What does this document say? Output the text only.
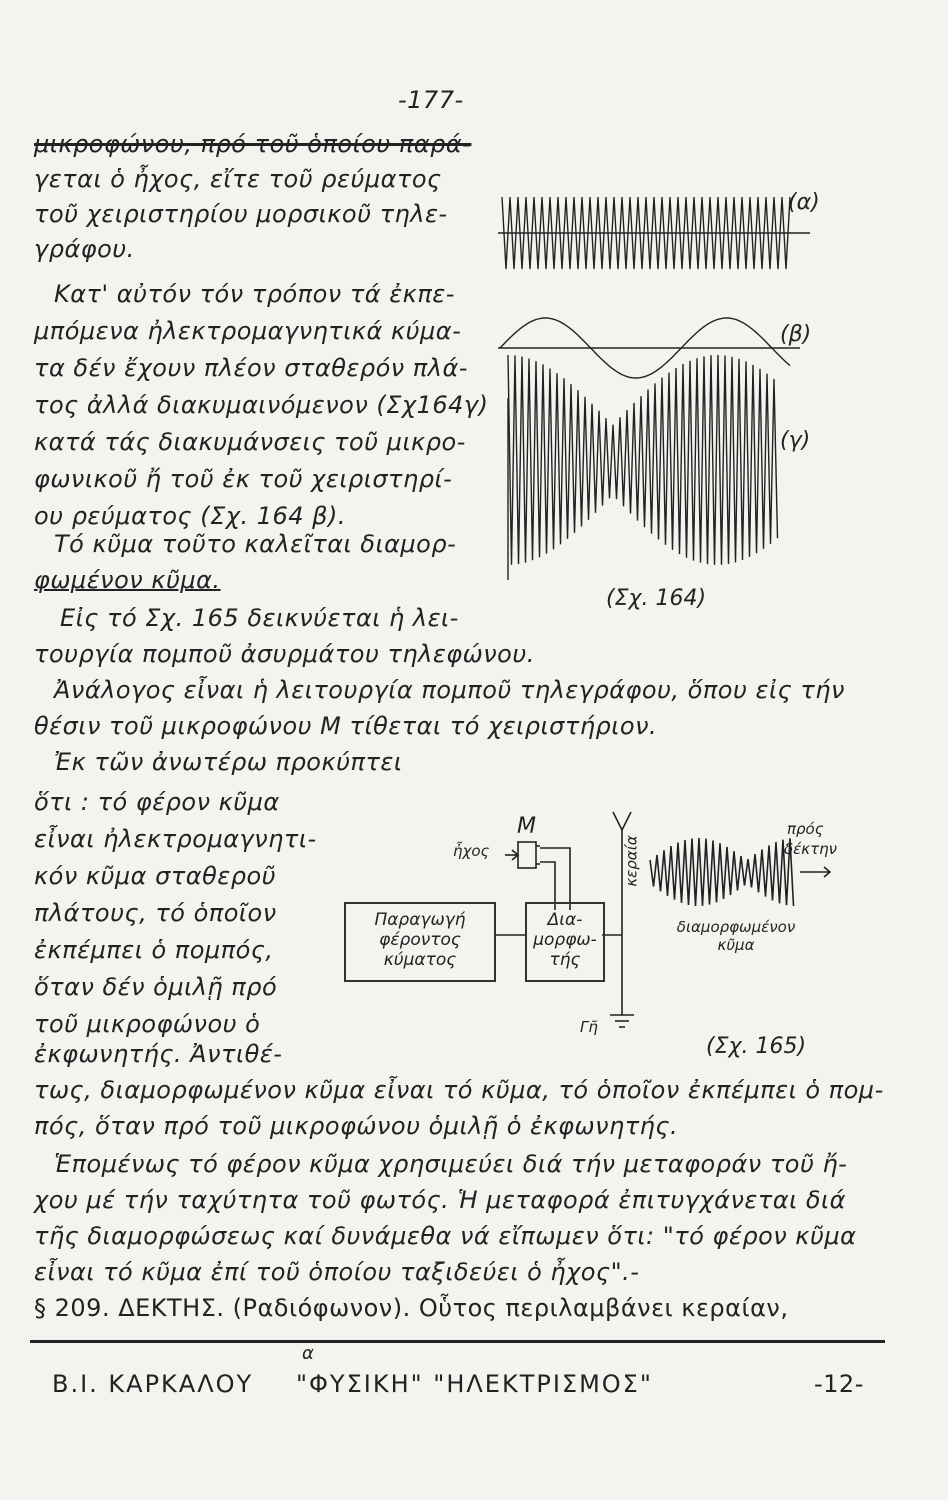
-177-
μικροφώνου, πρό τοῦ ὁποίου παρά-
γεται ὁ ἦχος, εἴτε τοῦ ρεύματος
τοῦ χειριστηρίου μορσικοῦ τηλε-
γράφου.
Κατ' αὐτόν τόν τρόπον τά ἐκπε-
μπόμενα ἠλεκτρομαγνητικά κύμα-
τα δέν ἔχουν πλέον σταθερόν πλά-
τος ἀλλά διακυμαινόμενον (Σχ164γ)
κατά τάς διακυμάνσεις τοῦ μικρο-
φωνικοῦ ἤ τοῦ ἐκ τοῦ χειριστηρί-
ου ρεύματος (Σχ. 164 β).
Τό κῦμα τοῦτο καλεῖται διαμορ-
φωμένον κῦμα.
(α)
(β)
(γ)
(Σχ. 164)
Εἰς τό Σχ. 165 δεικνύεται ἡ λει-
τουργία πομποῦ ἀσυρμάτου τηλεφώνου.
Ἀνάλογος εἶναι ἡ λειτουργία πομποῦ τηλεγράφου, ὅπου εἰς τήν
θέσιν τοῦ μικροφώνου Μ τίθεται τό χειριστήριον.
Ἐκ τῶν ἀνωτέρω προκύπτει
ὅτι : τό φέρον κῦμα
εἶναι ἠλεκτρομαγνητι-
κόν κῦμα σταθεροῦ
πλάτους, τό ὁποῖον
ἐκπέμπει ὁ πομπός,
ὅταν δέν ὁμιλῇ πρό
τοῦ μικροφώνου ὁ
ἐκφωνητής. Ἀντιθέ-
Μ
ἦχος	κεραία
πρός
δέκτην
Παραγωγή φέροντος κύματος
Δια- μορφω- τής
διαμορφωμένον κῦμα
Γῆ
(Σχ. 165)
τως, διαμορφωμένον κῦμα εἶναι τό κῦμα, τό ὁποῖον ἐκπέμπει ὁ πομ-
πός, ὅταν πρό τοῦ μικροφώνου ὁμιλῇ ὁ ἐκφωνητής.
Ἑπομένως τό φέρον κῦμα χρησιμεύει διά τήν μεταφοράν τοῦ ἤ-
χου μέ τήν ταχύτητα τοῦ φωτός. Ἡ μεταφορά ἐπιτυγχάνεται διά
τῆς διαμορφώσεως καί δυνάμεθα νά εἴπωμεν ὅτι: "τό φέρον κῦμα
εἶναι τό κῦμα ἐπί τοῦ ὁποίου ταξιδεύει ὁ ἦχος".-
§ 209. ΔΕΚΤΗΣ. (Ραδιόφωνον). Οὗτος περιλαμβάνει κεραίαν,
Β.Ι. ΚΑΡΚΑΛΟΥ "ΦΥΣΙΚΗ" "ΗΛΕΚΤΡΙΣΜΟΣ"
α
-12-
